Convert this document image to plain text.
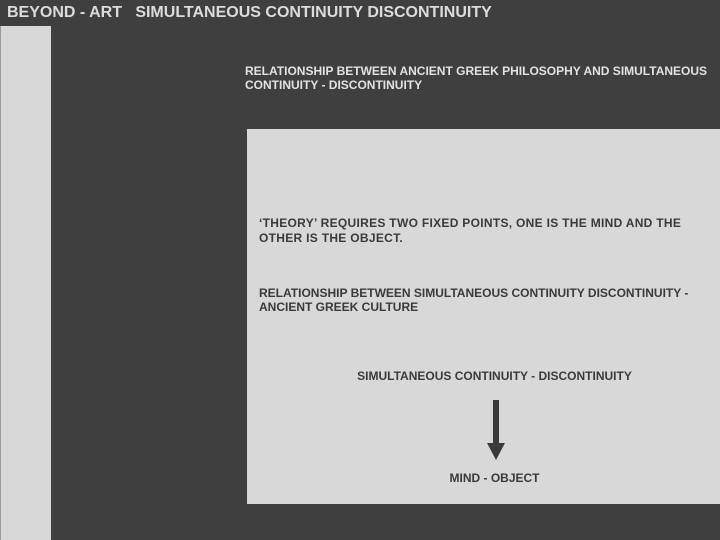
BEYOND - ART SIMULTANEOUS CONTINUITY DISCONTINUITY
RELATIONSHIP BETWEEN ANCIENT GREEK PHILOSOPHY AND SIMULTANEOUS CONTINUITY - DISCONTINUITY
‘THEORY’ REQUIRES TWO FIXED POINTS, ONE IS THE MIND AND THE OTHER IS THE OBJECT.
RELATIONSHIP BETWEEN SIMULTANEOUS CONTINUITY DISCONTINUITY - ANCIENT GREEK CULTURE
SIMULTANEOUS CONTINUITY - DISCONTINUITY
MIND - OBJECT
